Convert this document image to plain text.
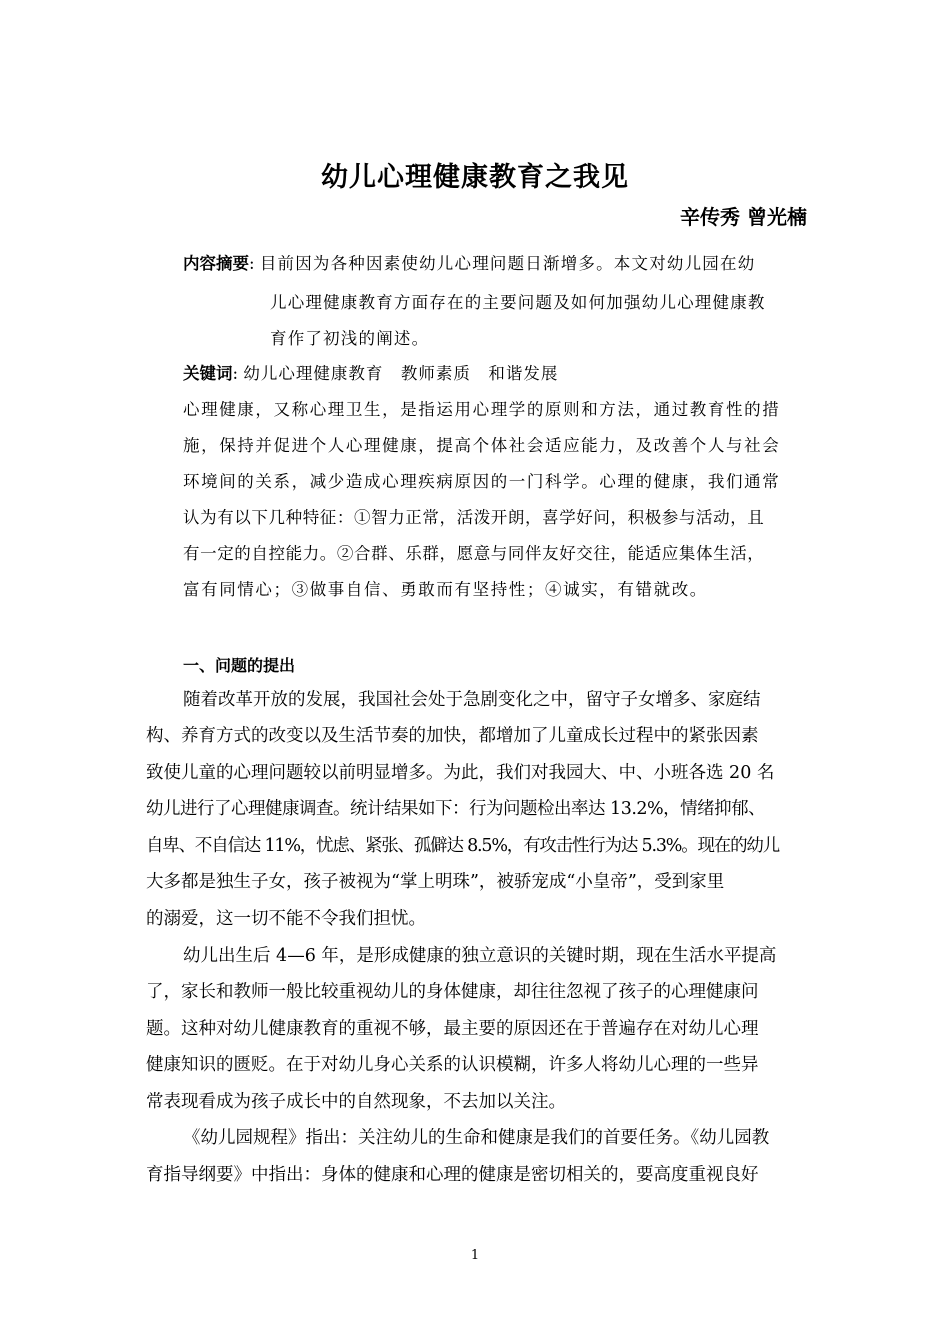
幼儿心理健康教育之我见
辛传秀 曾光楠
内容摘要: 目前因为各种因素使幼儿心理问题日渐增多。本文对幼儿园在幼
儿心理健康教育方面存在的主要问题及如何加强幼儿心理健康教
育作了初浅的阐述。
关键词: 幼儿心理健康教育　教师素质　和谐发展
心理健康，又称心理卫生，是指运用心理学的原则和方法，通过教育性的措
施，保持并促进个人心理健康，提高个体社会适应能力，及改善个人与社会
环境间的关系，减少造成心理疾病原因的一门科学。心理的健康，我们通常
认为有以下几种特征：①智力正常，活泼开朗，喜学好问，积极参与活动，且
有一定的自控能力。②合群、乐群，愿意与同伴友好交往，能适应集体生活，
富有同情心；③做事自信、勇敢而有坚持性；④诚实，有错就改。
一、问题的提出
随着改革开放的发展，我国社会处于急剧变化之中，留守子女增多、家庭结
构、养育方式的改变以及生活节奏的加快，都增加了儿童成长过程中的紧张因素
致使儿童的心理问题较以前明显增多。为此，我们对我园大、中、小班各选 20 名
幼儿进行了心理健康调查。统计结果如下：行为问题检出率达 13.2%，情绪抑郁、
自卑、不自信达 11%，忧虑、紧张、孤僻达 8.5%，有攻击性行为达 5.3%。现在的幼儿
大多都是独生子女，孩子被视为“掌上明珠”，被骄宠成“小皇帝”，受到家里
的溺爱，这一切不能不令我们担忧。
幼儿出生后 4—6 年，是形成健康的独立意识的关键时期，现在生活水平提高
了，家长和教师一般比较重视幼儿的身体健康，却往往忽视了孩子的心理健康问
题。这种对幼儿健康教育的重视不够，最主要的原因还在于普遍存在对幼儿心理
健康知识的匮贬。在于对幼儿身心关系的认识模糊，许多人将幼儿心理的一些异
常表现看成为孩子成长中的自然现象，不去加以关注。
《幼儿园规程》指出：关注幼儿的生命和健康是我们的首要任务。《幼儿园教
育指导纲要》中指出：身体的健康和心理的健康是密切相关的，要高度重视良好
1
